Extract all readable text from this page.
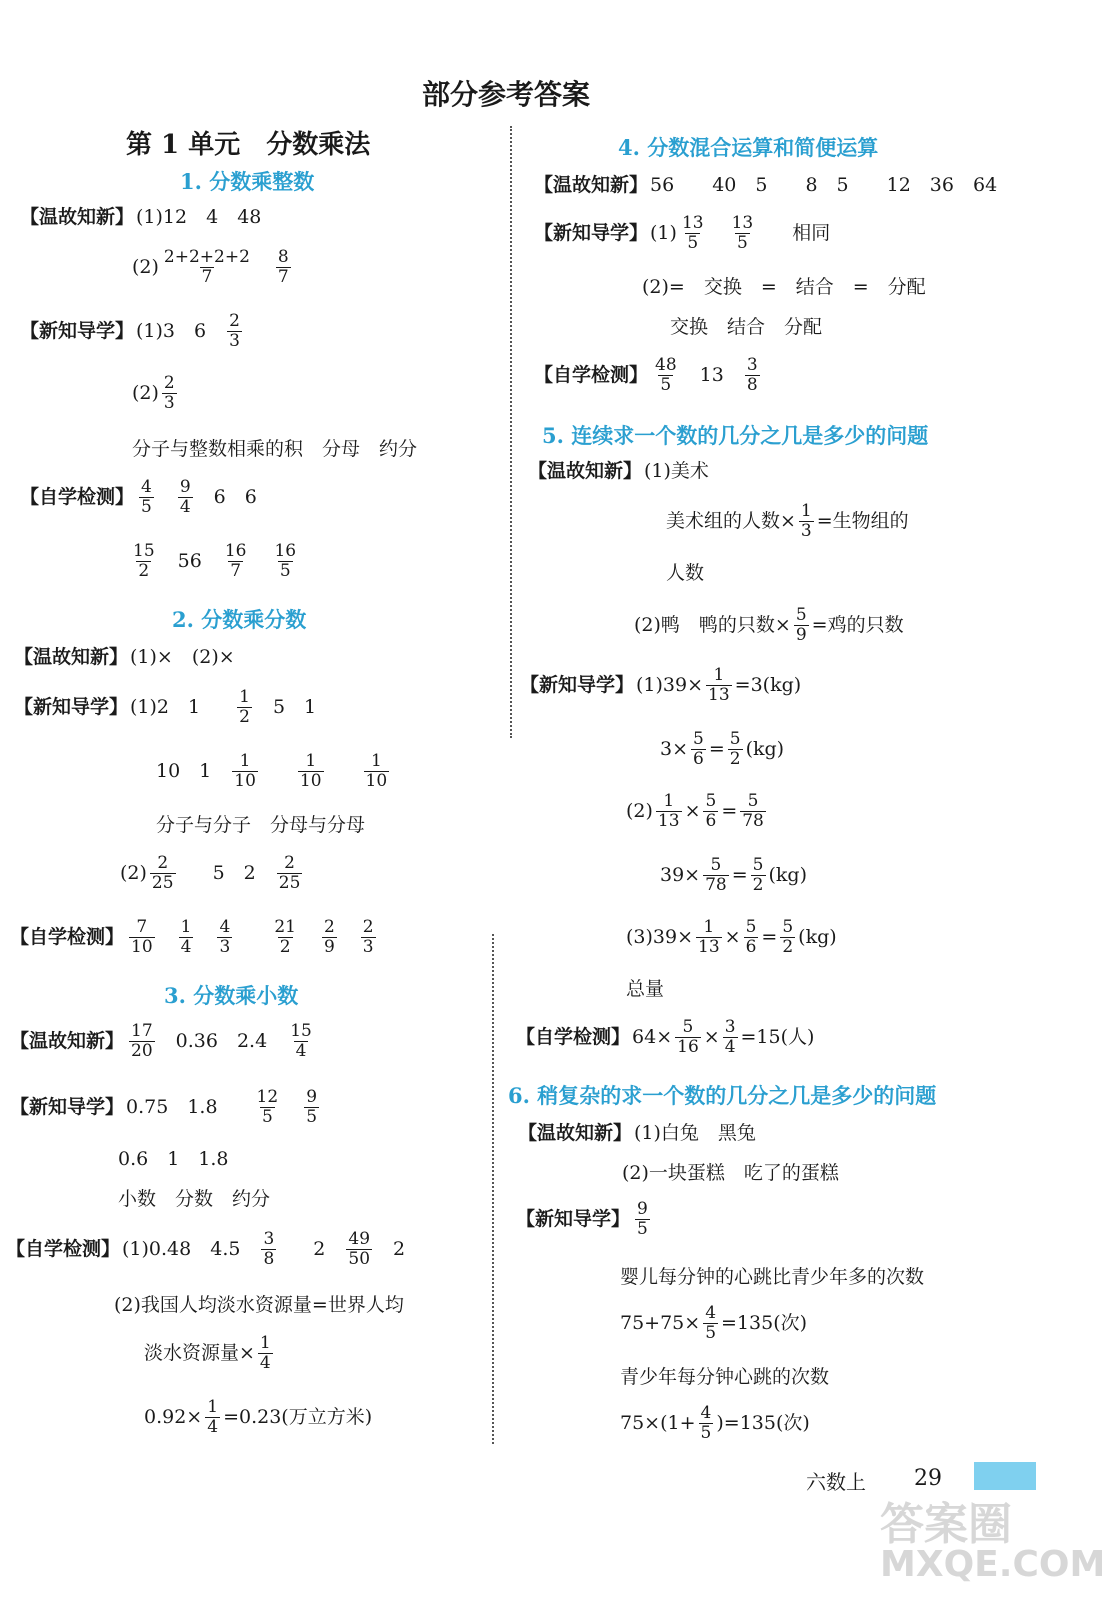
部分参考答案
第 1 单元　分数乘法
1. 分数乘整数
【温故知新】 (1)12　4　48
$(2) \frac{2+2+2+2}{7} \frac{8}{7}$
【新知导学】 (1)3　$6 \frac{2}{3}$
$(2) \frac{2}{3}$
分子与整数相乘的积　分母　约分
【自学检测】 $\frac{4}{5} \frac{9}{4} 6$　6
$\frac{15}{2} 56 \frac{16}{7} \frac{16}{5}$
2. 分数乘分数
【温故知新】 (1)×　(2)×
【新知导学】 (1)2　$1 \frac{1}{2} 5$　1
10　$1 \frac{1}{10} \frac{1}{10} \frac{1}{10}$
分子与分子　分母与分母
$(2) \frac{2}{25} 5$　$2 \frac{2}{25}$
【自学检测】 $\frac{7}{10} \frac{1}{4} \frac{4}{3} \frac{21}{2} \frac{2}{9} \frac{2}{3}$
3. 分数乘小数
【温故知新】 $\frac{17}{20} 0.36$　$2.4 \frac{15}{4}$
【新知导学】 0.75　$1.8 \frac{12}{5} \frac{9}{5}$
0.6　1　1.8
小数　分数　约分
【自学检测】 (1)0.48　$4.5 \frac{3}{8} 2 \frac{49}{50} 2$
(2)我国人均淡水资源量=世界人均
淡水资源量× $\frac{1}{4}$
$0.92\times \frac{1}{4} =0.23$(万立方米)
4. 分数混合运算和简便运算
【温故知新】 56　　40　5　　8　5　　12　36　64
【新知导学】 $(1) \frac{13}{5} \frac{13}{5}$ 相同
(2)=　交换　=　结合　=　分配
交换　结合　分配
【自学检测】 $\frac{48}{5} 13 \frac{3}{8}$
5. 连续求一个数的几分之几是多少的问题
【温故知新】 (1)美术
美术组的人数× $\frac{1}{3}$ =生物组的
人数
(2)鸭　鸭的只数× $\frac{5}{9}$ =鸡的只数
【新知导学】 $(1)39\times \frac{1}{13} =3(kg)$
$3\times \frac{5}{6} = \frac{5}{2} (kg)$
$(2) \frac{1}{13} \times \frac{5}{6} = \frac{5}{78}$
$39\times \frac{5}{78} = \frac{5}{2} (kg)$
$(3)39\times \frac{1}{13} \times \frac{5}{6} = \frac{5}{2} (kg)$
总量
【自学检测】 $64\times \frac{5}{16} \times \frac{3}{4} =15$(人)
6. 稍复杂的求一个数的几分之几是多少的问题
【温故知新】 (1)白兔　黑兔
(2)一块蛋糕　吃了的蛋糕
【新知导学】 $\frac{9}{5}$
婴儿每分钟的心跳比青少年多的次数
$75+75\times \frac{4}{5} =135$(次)
青少年每分钟心跳的次数
$75\times(1+ \frac{4}{5} )=135$(次)
六数上 29
答案圈
MXQE.COM
